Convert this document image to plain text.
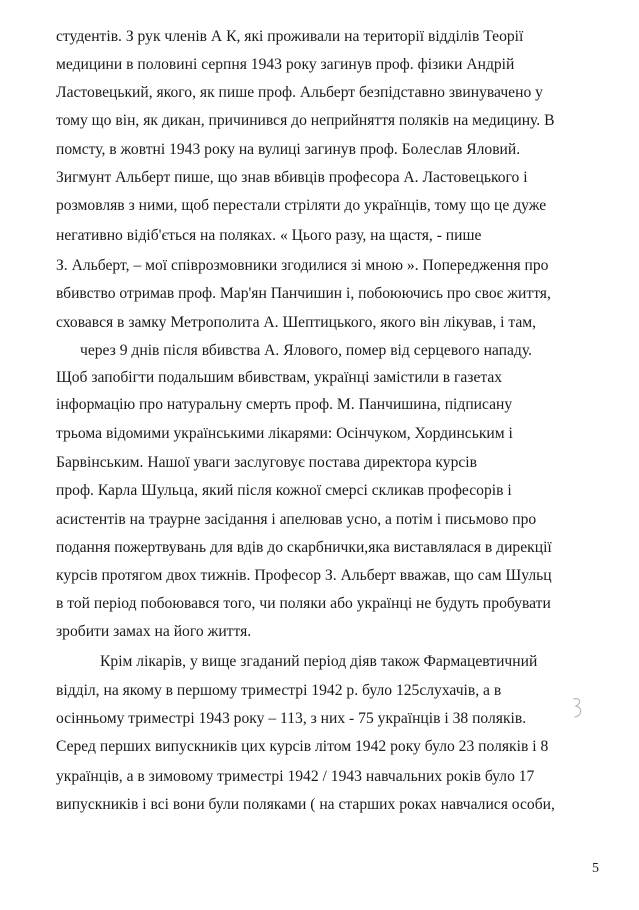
студентів. З рук членів А К, які проживали на території відділів Теорії
медицини в половині серпня 1943 року загинув проф. фізики Андрій
Ластовецький, якого, як пише проф. Альберт безпідставно звинувачено у
тому що він, як дикан, причинився до неприйняття поляків на медицину. В
помсту, в жовтні 1943 року на вулиці загинув проф. Болеслав Яловий.
Зигмунт Альберт пише, що знав вбивців професора А. Ластовецького і
розмовляв з ними, щоб перестали стріляти до українців, тому що це дуже
негативно відіб'ється на поляках. « Цього разу, на щастя, - пише
З. Альберт, – мої співрозмовники згодилися зі мною ». Попередження про
вбивство отримав проф. Мар'ян Панчишин і, побоюючись про своє життя,
сховався в замку Метрополита А. Шептицького, якого він лікував, і там,
через 9 днів після вбивства А. Ялового, помер від серцевого нападу.
Щоб запобігти подальшим вбивствам, українці замістили в газетах
інформацію про натуральну смерть проф. М. Панчишина, підписану
трьома відомими українськими лікарями: Осінчуком, Хординським і
Барвінським. Нашої уваги заслуговує постава директора курсів
проф. Карла Шульца, який після кожної смерсі скликав професорів і
асистентів на траурне засідання і апелював усно, а потім і письмово про
подання пожертвувань для вдів до скарбнички,яка виставлялася в дирекції
курсів протягом двох тижнів. Професор З. Альберт вважав, що сам Шульц
в той період побоювався того, чи поляки або українці не будуть пробувати
зробити замах на його життя.
Крім лікарів, у вище згаданий період діяв також Фармацевтичний
відділ, на якому в першому триместрі 1942 р. було 125слухачів, а в
осінньому триместрі 1943 року – 113, з них - 75 українців і 38 поляків.
Серед перших випускників цих курсів літом 1942 року було 23 поляків і 8
українців, а в зимовому триместрі 1942 / 1943 навчальних років було 17
випускників і всі вони були поляками ( на старших роках навчалися особи,
5
